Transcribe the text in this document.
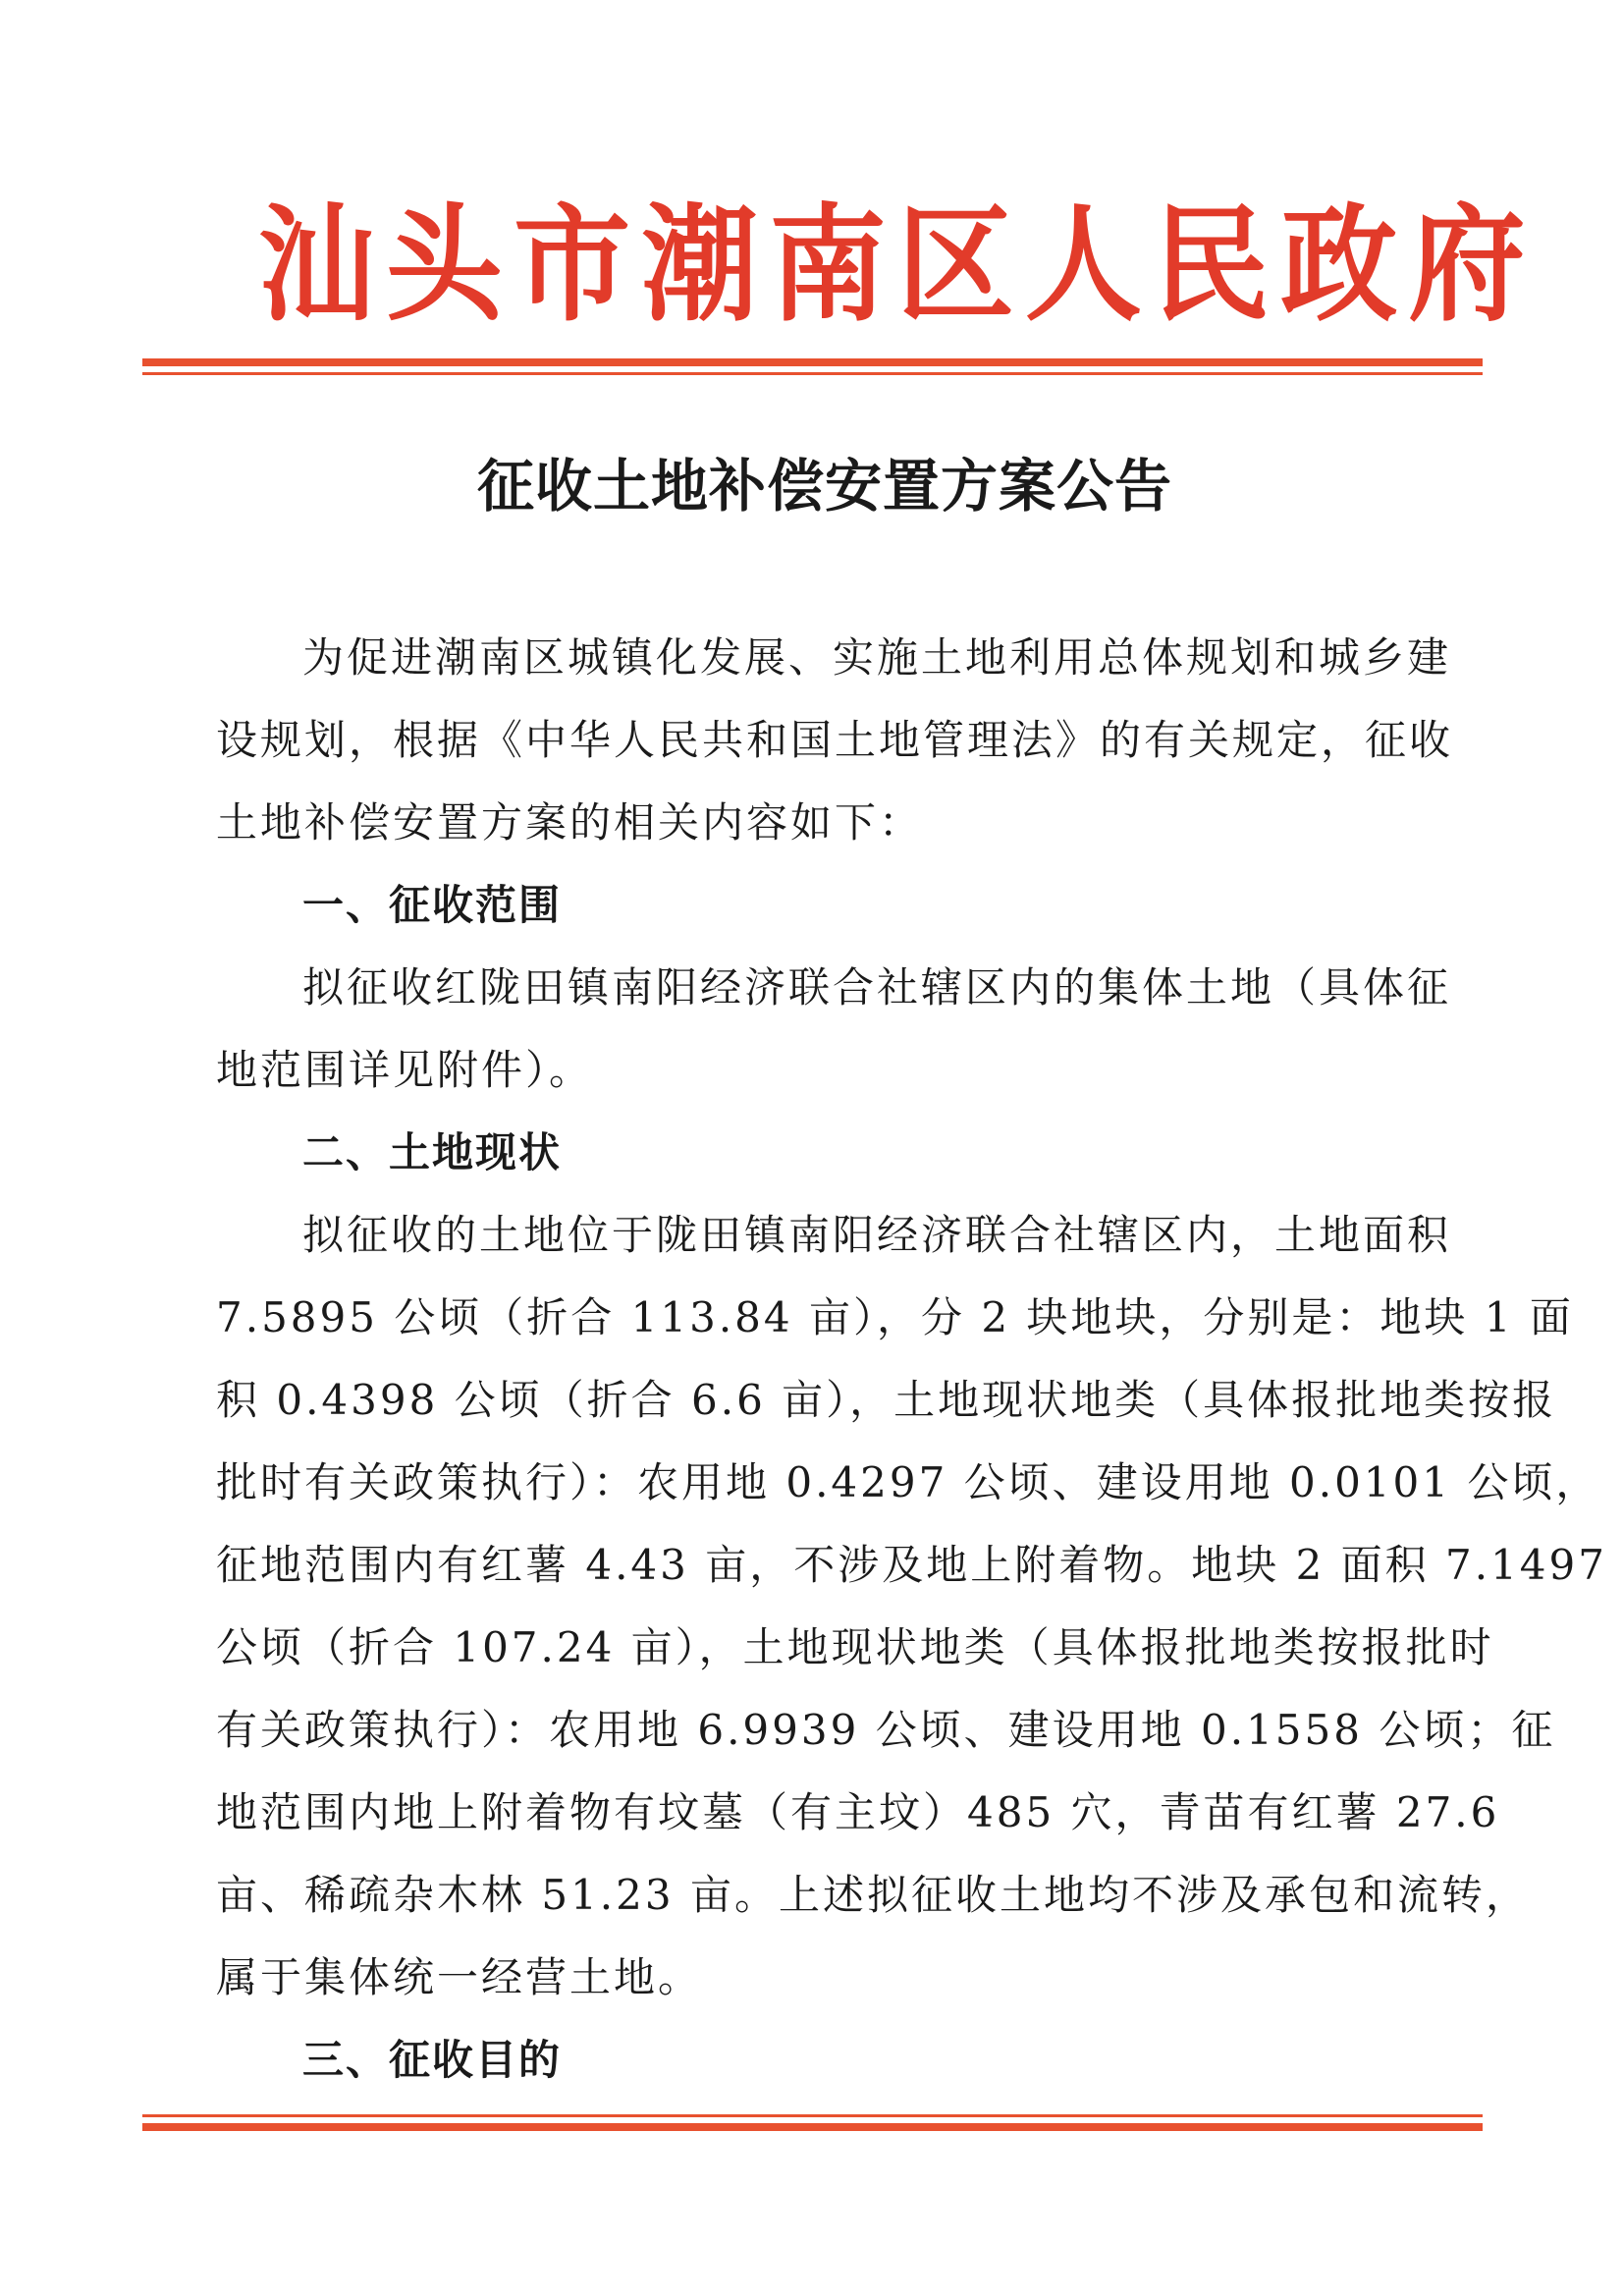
汕头市潮南区人民政府
征收土地补偿安置方案公告
为促进潮南区城镇化发展、实施土地利用总体规划和城乡建
设规划，根据《中华人民共和国土地管理法》的有关规定，征收
土地补偿安置方案的相关内容如下：
一、征收范围
拟征收红陇田镇南阳经济联合社辖区内的集体土地（具体征
地范围详见附件）。
二、土地现状
拟征收的土地位于陇田镇南阳经济联合社辖区内，土地面积
7.5895 公顷（折合 113.84 亩），分 2 块地块，分别是：地块 1 面
积 0.4398 公顷（折合 6.6 亩），土地现状地类（具体报批地类按报
批时有关政策执行）：农用地 0.4297 公顷、建设用地 0.0101 公顷，
征地范围内有红薯 4.43 亩，不涉及地上附着物。地块 2 面积 7.1497
公顷（折合 107.24 亩），土地现状地类（具体报批地类按报批时
有关政策执行）：农用地 6.9939 公顷、建设用地 0.1558 公顷；征
地范围内地上附着物有坟墓（有主坟）485 穴，青苗有红薯 27.6
亩、稀疏杂木林 51.23 亩。上述拟征收土地均不涉及承包和流转，
属于集体统一经营土地。
三、征收目的
